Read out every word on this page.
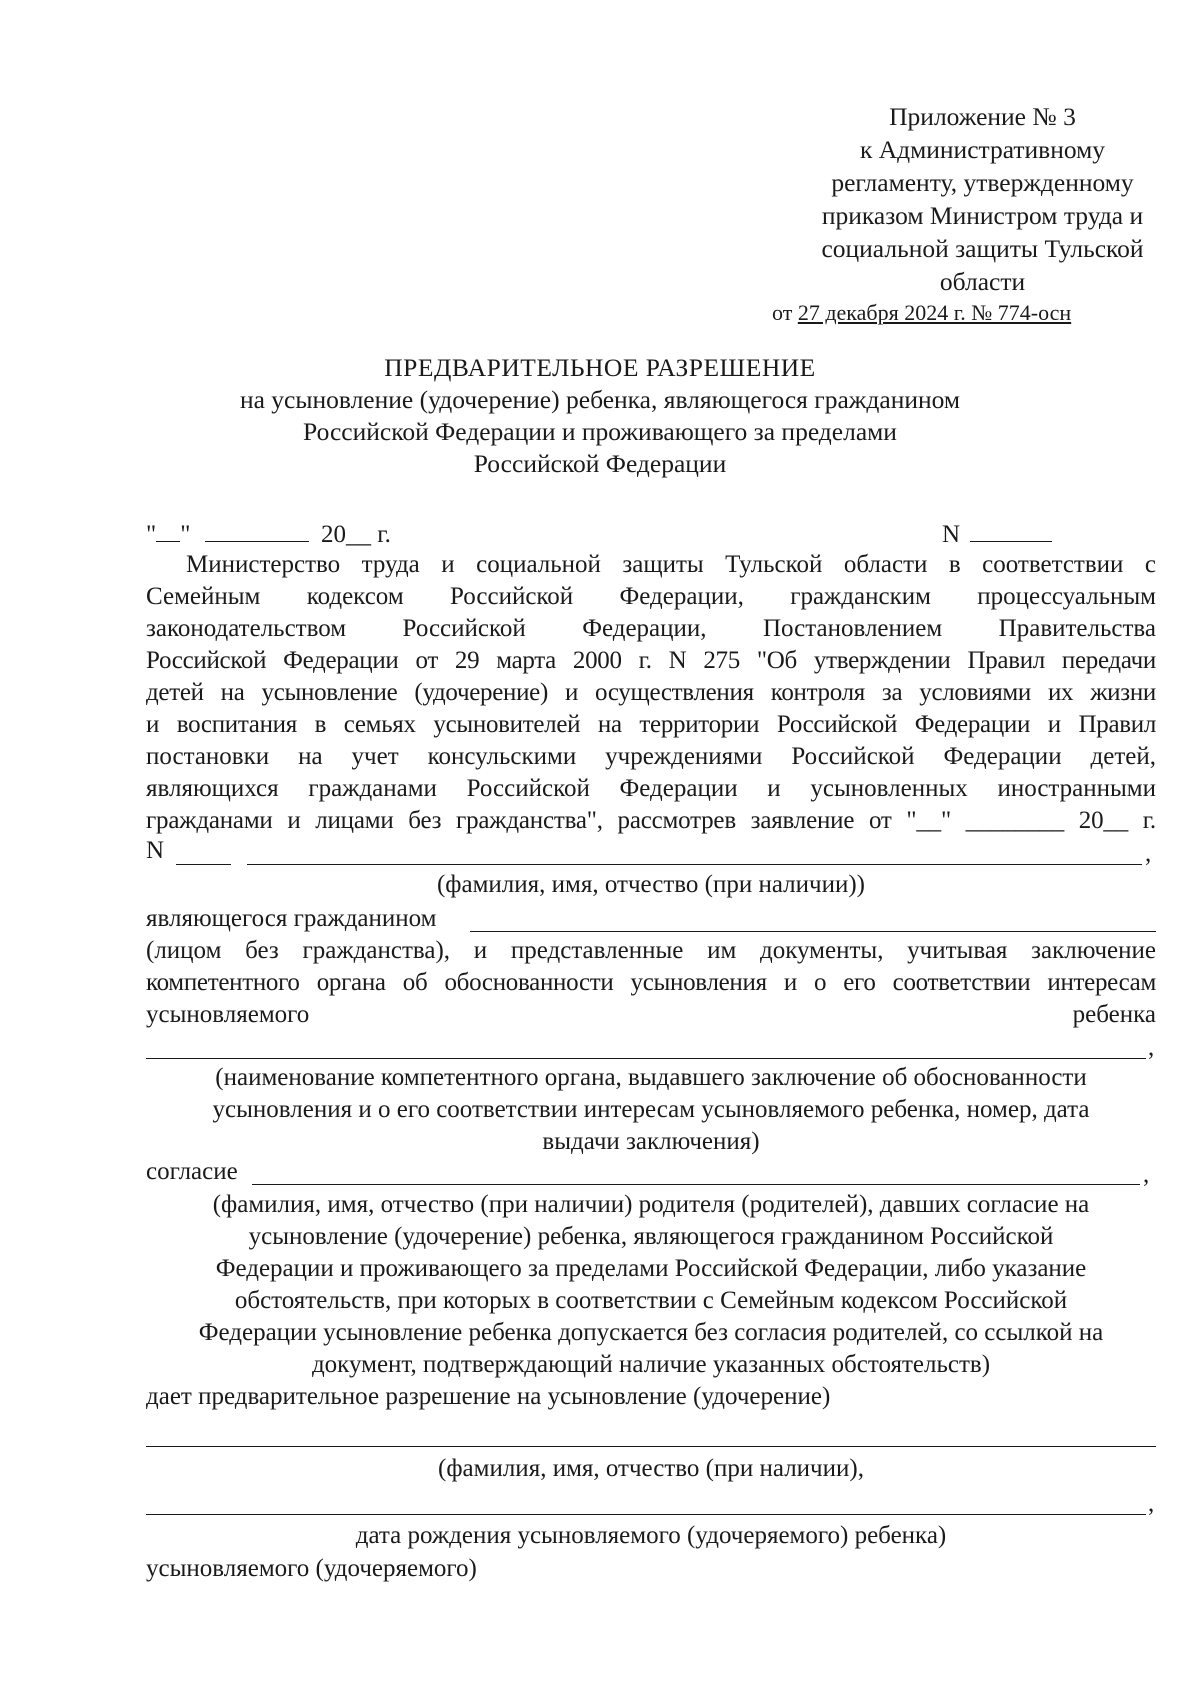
Приложение № 3
к Административному
регламенту, утвержденному
приказом Министром труда и
социальной защиты Тульской
области
от 27 декабря 2024 г. № 774-осн
ПРЕДВАРИТЕЛЬНОЕ РАЗРЕШЕНИЕ
на усыновление (удочерение) ребенка, являющегося гражданином
Российской Федерации и проживающего за пределами
Российской Федерации
" "	20__ г.	N
Министерство труда и социальной защиты Тульской области в соответствии с
Семейным кодексом Российской Федерации, гражданским процессуальным
законодательством Российской Федерации, Постановлением Правительства
Российской Федерации от 29 марта 2000 г. N 275 "Об утверждении Правил передачи
детей на усыновление (удочерение) и осуществления контроля за условиями их жизни
и воспитания в семьях усыновителей на территории Российской Федерации и Правил
постановки на учет консульскими учреждениями Российской Федерации детей,
являющихся гражданами Российской Федерации и усыновленных иностранными
гражданами и лицами без гражданства", рассмотрев заявление от "__" ________ 20__ г.
N	,
(фамилия, имя, отчество (при наличии))
являющегося гражданином
(лицом без гражданства), и представленные им документы, учитывая заключение
компетентного органа об обоснованности усыновления и о его соответствии интересам
усыновляемого	ребенка
,
(наименование компетентного органа, выдавшего заключение об обоснованности
усыновления и о его соответствии интересам усыновляемого ребенка, номер, дата
выдачи заключения)
согласие	,
(фамилия, имя, отчество (при наличии) родителя (родителей), давших согласие на
усыновление (удочерение) ребенка, являющегося гражданином Российской
Федерации и проживающего за пределами Российской Федерации, либо указание
обстоятельств, при которых в соответствии с Семейным кодексом Российской
Федерации усыновление ребенка допускается без согласия родителей, со ссылкой на
документ, подтверждающий наличие указанных обстоятельств)
дает предварительное разрешение на усыновление (удочерение)
(фамилия, имя, отчество (при наличии),
,
дата рождения усыновляемого (удочеряемого) ребенка)
усыновляемого (удочеряемого)
